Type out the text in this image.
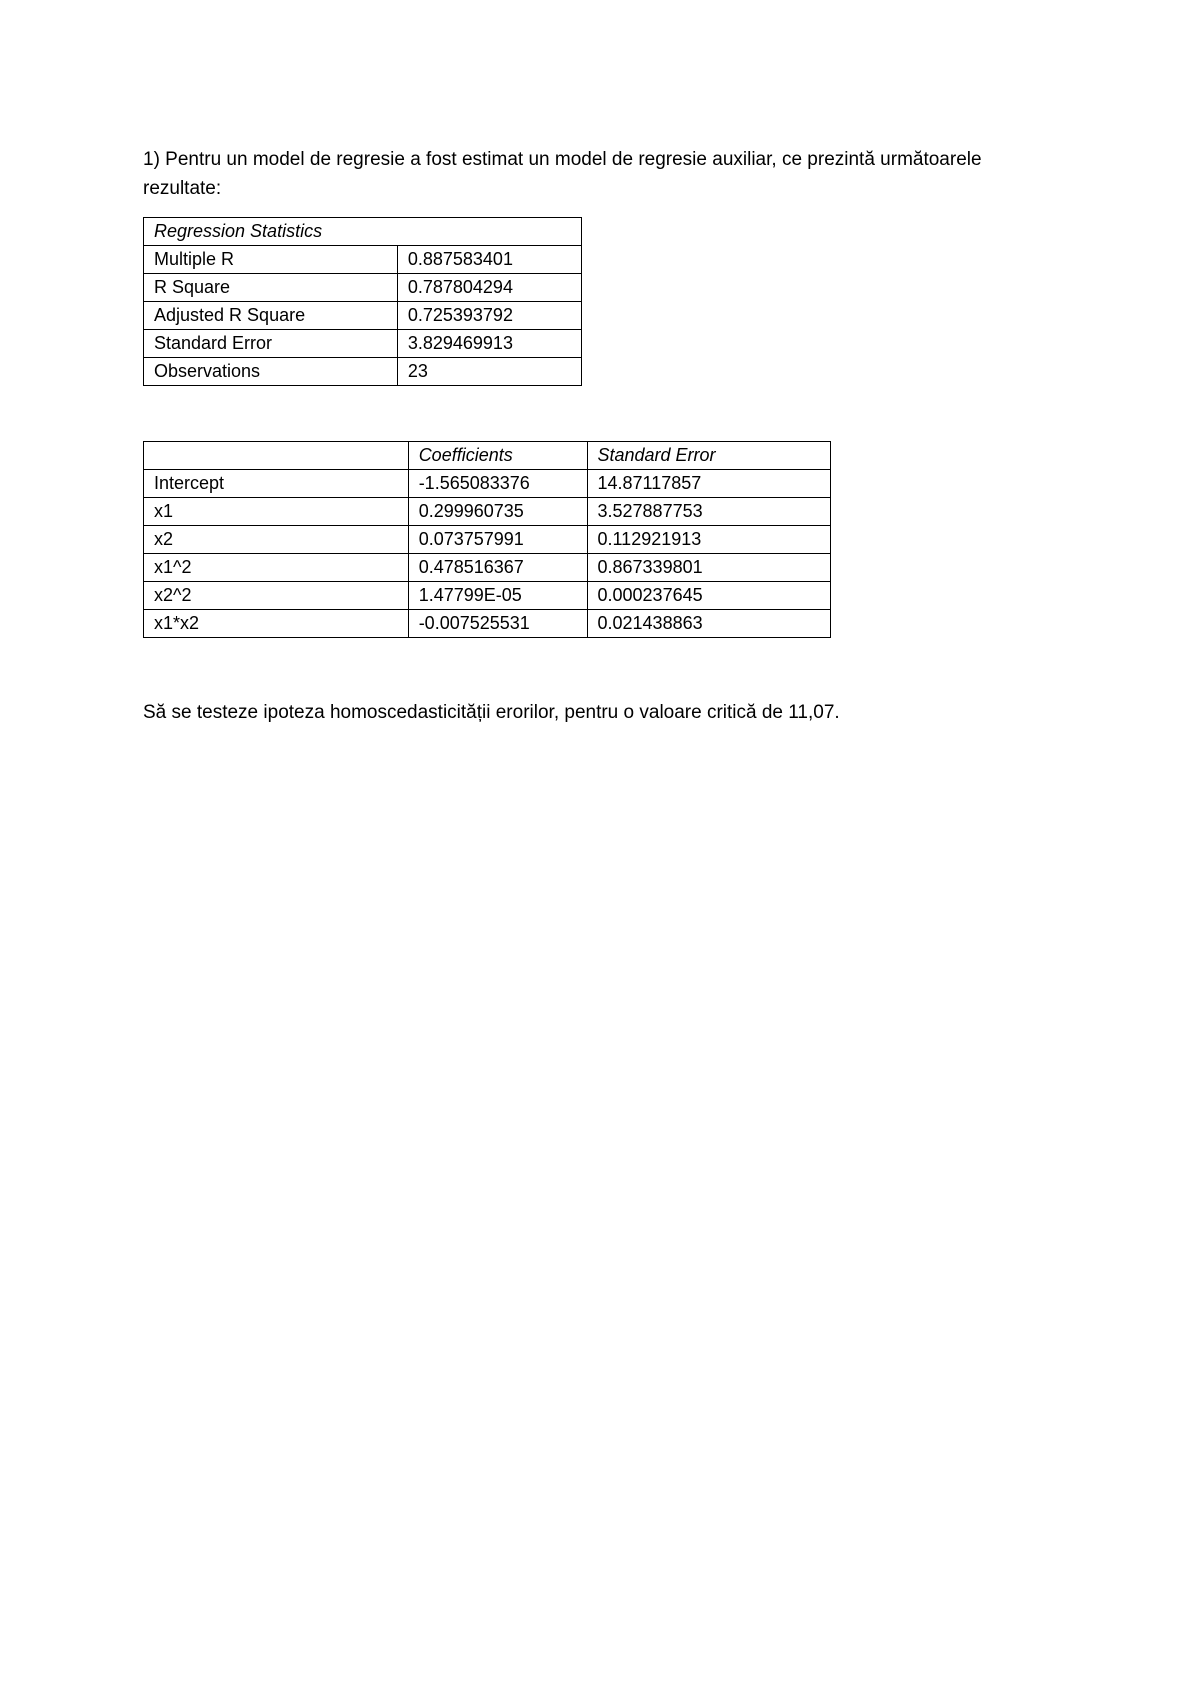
1) Pentru un model de regresie a fost estimat un model de regresie auxiliar, ce prezintă următoarele rezultate:
Regression Statistics	
Multiple R	0.887583401
R Square	0.787804294
Adjusted R Square	0.725393792
Standard Error	3.829469913
Observations	23
	Coefficients	Standard Error
Intercept	-1.565083376	14.87117857
x1	0.299960735	3.527887753
x2	0.073757991	0.112921913
x1^2	0.478516367	0.867339801
x2^2	1.47799E-05	0.000237645
x1*x2	-0.007525531	0.021438863
Să se testeze ipoteza homoscedasticității erorilor, pentru o valoare critică de 11,07.
